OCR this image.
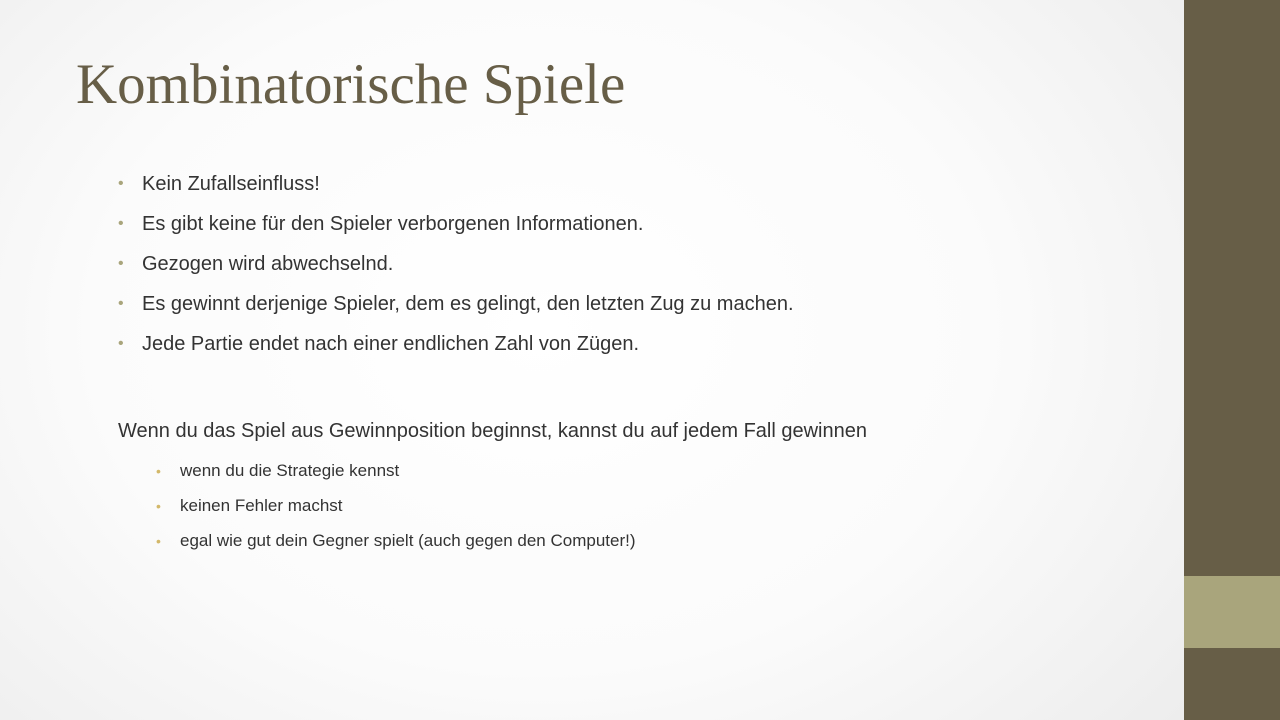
Kombinatorische Spiele
• Kein Zufallseinfluss!
• Es gibt keine für den Spieler verborgenen Informationen.
• Gezogen wird abwechselnd.
• Es gewinnt derjenige Spieler, dem es gelingt, den letzten Zug zu machen.
• Jede Partie endet nach einer endlichen Zahl von Zügen.

Wenn du das Spiel aus Gewinnposition beginnst, kannst du auf jedem Fall gewinnen

• wenn du die Strategie kennst
• keinen Fehler machst
• egal wie gut dein Gegner spielt (auch gegen den Computer!)
